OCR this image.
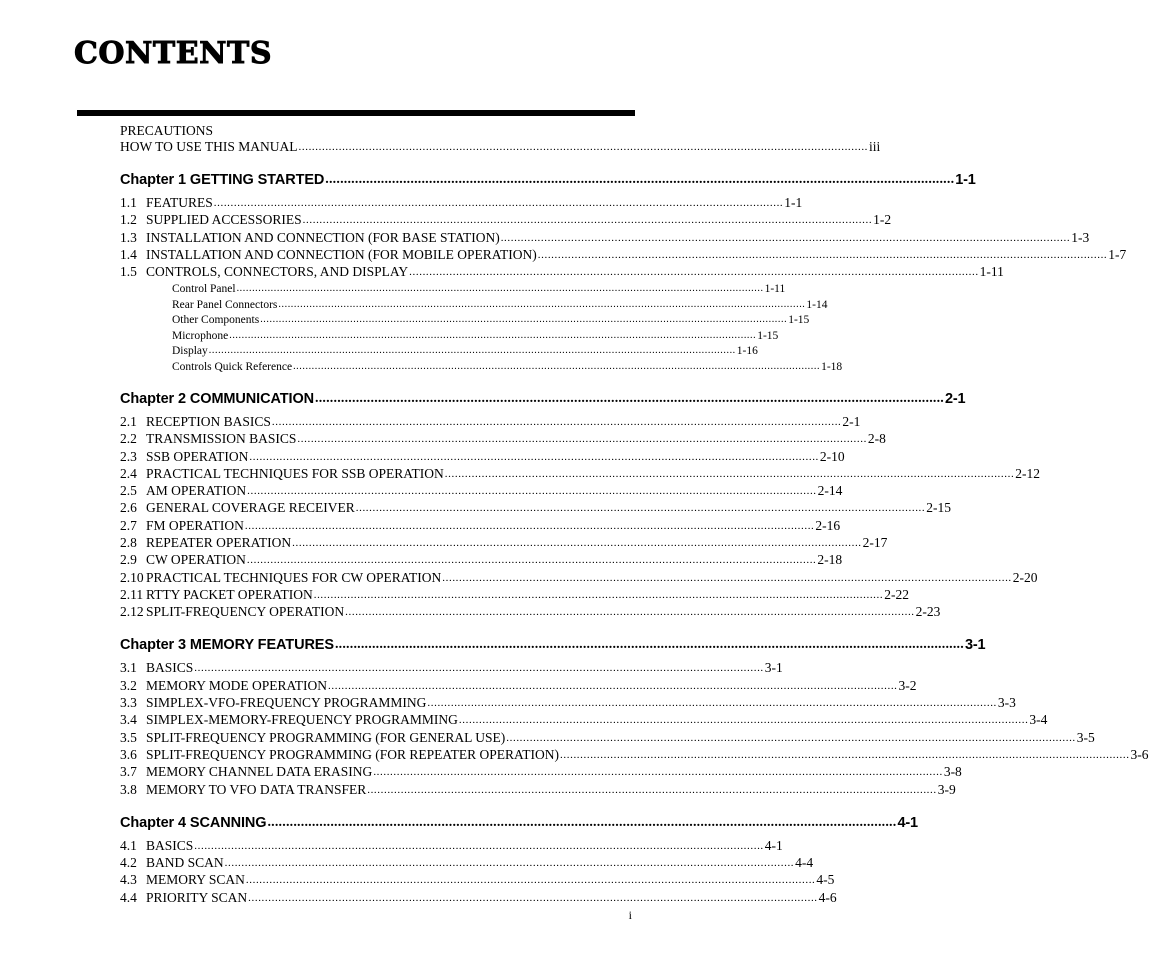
CONTENTS
PRECAUTIONS
HOW TO USE THIS MANUAL .......................................................................................................................................................................... iii
Chapter 1 GETTING STARTED .......................................................................................................................................................................... 1-1
1.1 FEATURES .......................................................................................................................................................................... 1-1
1.2 SUPPLIED ACCESSORIES .......................................................................................................................................................................... 1-2
1.3 INSTALLATION AND CONNECTION (FOR BASE STATION) .......................................................................................................................................................................... 1-3
1.4 INSTALLATION AND CONNECTION (FOR MOBILE OPERATION) .......................................................................................................................................................................... 1-7
1.5 CONTROLS, CONNECTORS, AND DISPLAY .......................................................................................................................................................................... 1-11
Control Panel .......................................................................................................................................................................... 1-11
Rear Panel Connectors .......................................................................................................................................................................... 1-14
Other Components .......................................................................................................................................................................... 1-15
Microphone .......................................................................................................................................................................... 1-15
Display .......................................................................................................................................................................... 1-16
Controls Quick Reference .......................................................................................................................................................................... 1-18
Chapter 2 COMMUNICATION .......................................................................................................................................................................... 2-1
2.1 RECEPTION BASICS .......................................................................................................................................................................... 2-1
2.2 TRANSMISSION BASICS .......................................................................................................................................................................... 2-8
2.3 SSB OPERATION .......................................................................................................................................................................... 2-10
2.4 PRACTICAL TECHNIQUES FOR SSB OPERATION .......................................................................................................................................................................... 2-12
2.5 AM OPERATION .......................................................................................................................................................................... 2-14
2.6 GENERAL COVERAGE RECEIVER .......................................................................................................................................................................... 2-15
2.7 FM OPERATION .......................................................................................................................................................................... 2-16
2.8 REPEATER OPERATION .......................................................................................................................................................................... 2-17
2.9 CW OPERATION .......................................................................................................................................................................... 2-18
2.10 PRACTICAL TECHNIQUES FOR CW OPERATION .......................................................................................................................................................................... 2-20
2.11 RTTY PACKET OPERATION .......................................................................................................................................................................... 2-22
2.12 SPLIT-FREQUENCY OPERATION .......................................................................................................................................................................... 2-23
Chapter 3 MEMORY FEATURES .......................................................................................................................................................................... 3-1
3.1 BASICS .......................................................................................................................................................................... 3-1
3.2 MEMORY MODE OPERATION .......................................................................................................................................................................... 3-2
3.3 SIMPLEX-VFO-FREQUENCY PROGRAMMING .......................................................................................................................................................................... 3-3
3.4 SIMPLEX-MEMORY-FREQUENCY PROGRAMMING .......................................................................................................................................................................... 3-4
3.5 SPLIT-FREQUENCY PROGRAMMING (FOR GENERAL USE) .......................................................................................................................................................................... 3-5
3.6 SPLIT-FREQUENCY PROGRAMMING (FOR REPEATER OPERATION) .......................................................................................................................................................................... 3-6
3.7 MEMORY CHANNEL DATA ERASING .......................................................................................................................................................................... 3-8
3.8 MEMORY TO VFO DATA TRANSFER .......................................................................................................................................................................... 3-9
Chapter 4 SCANNING .......................................................................................................................................................................... 4-1
4.1 BASICS .......................................................................................................................................................................... 4-1
4.2 BAND SCAN .......................................................................................................................................................................... 4-4
4.3 MEMORY SCAN .......................................................................................................................................................................... 4-5
4.4 PRIORITY SCAN .......................................................................................................................................................................... 4-6
i
